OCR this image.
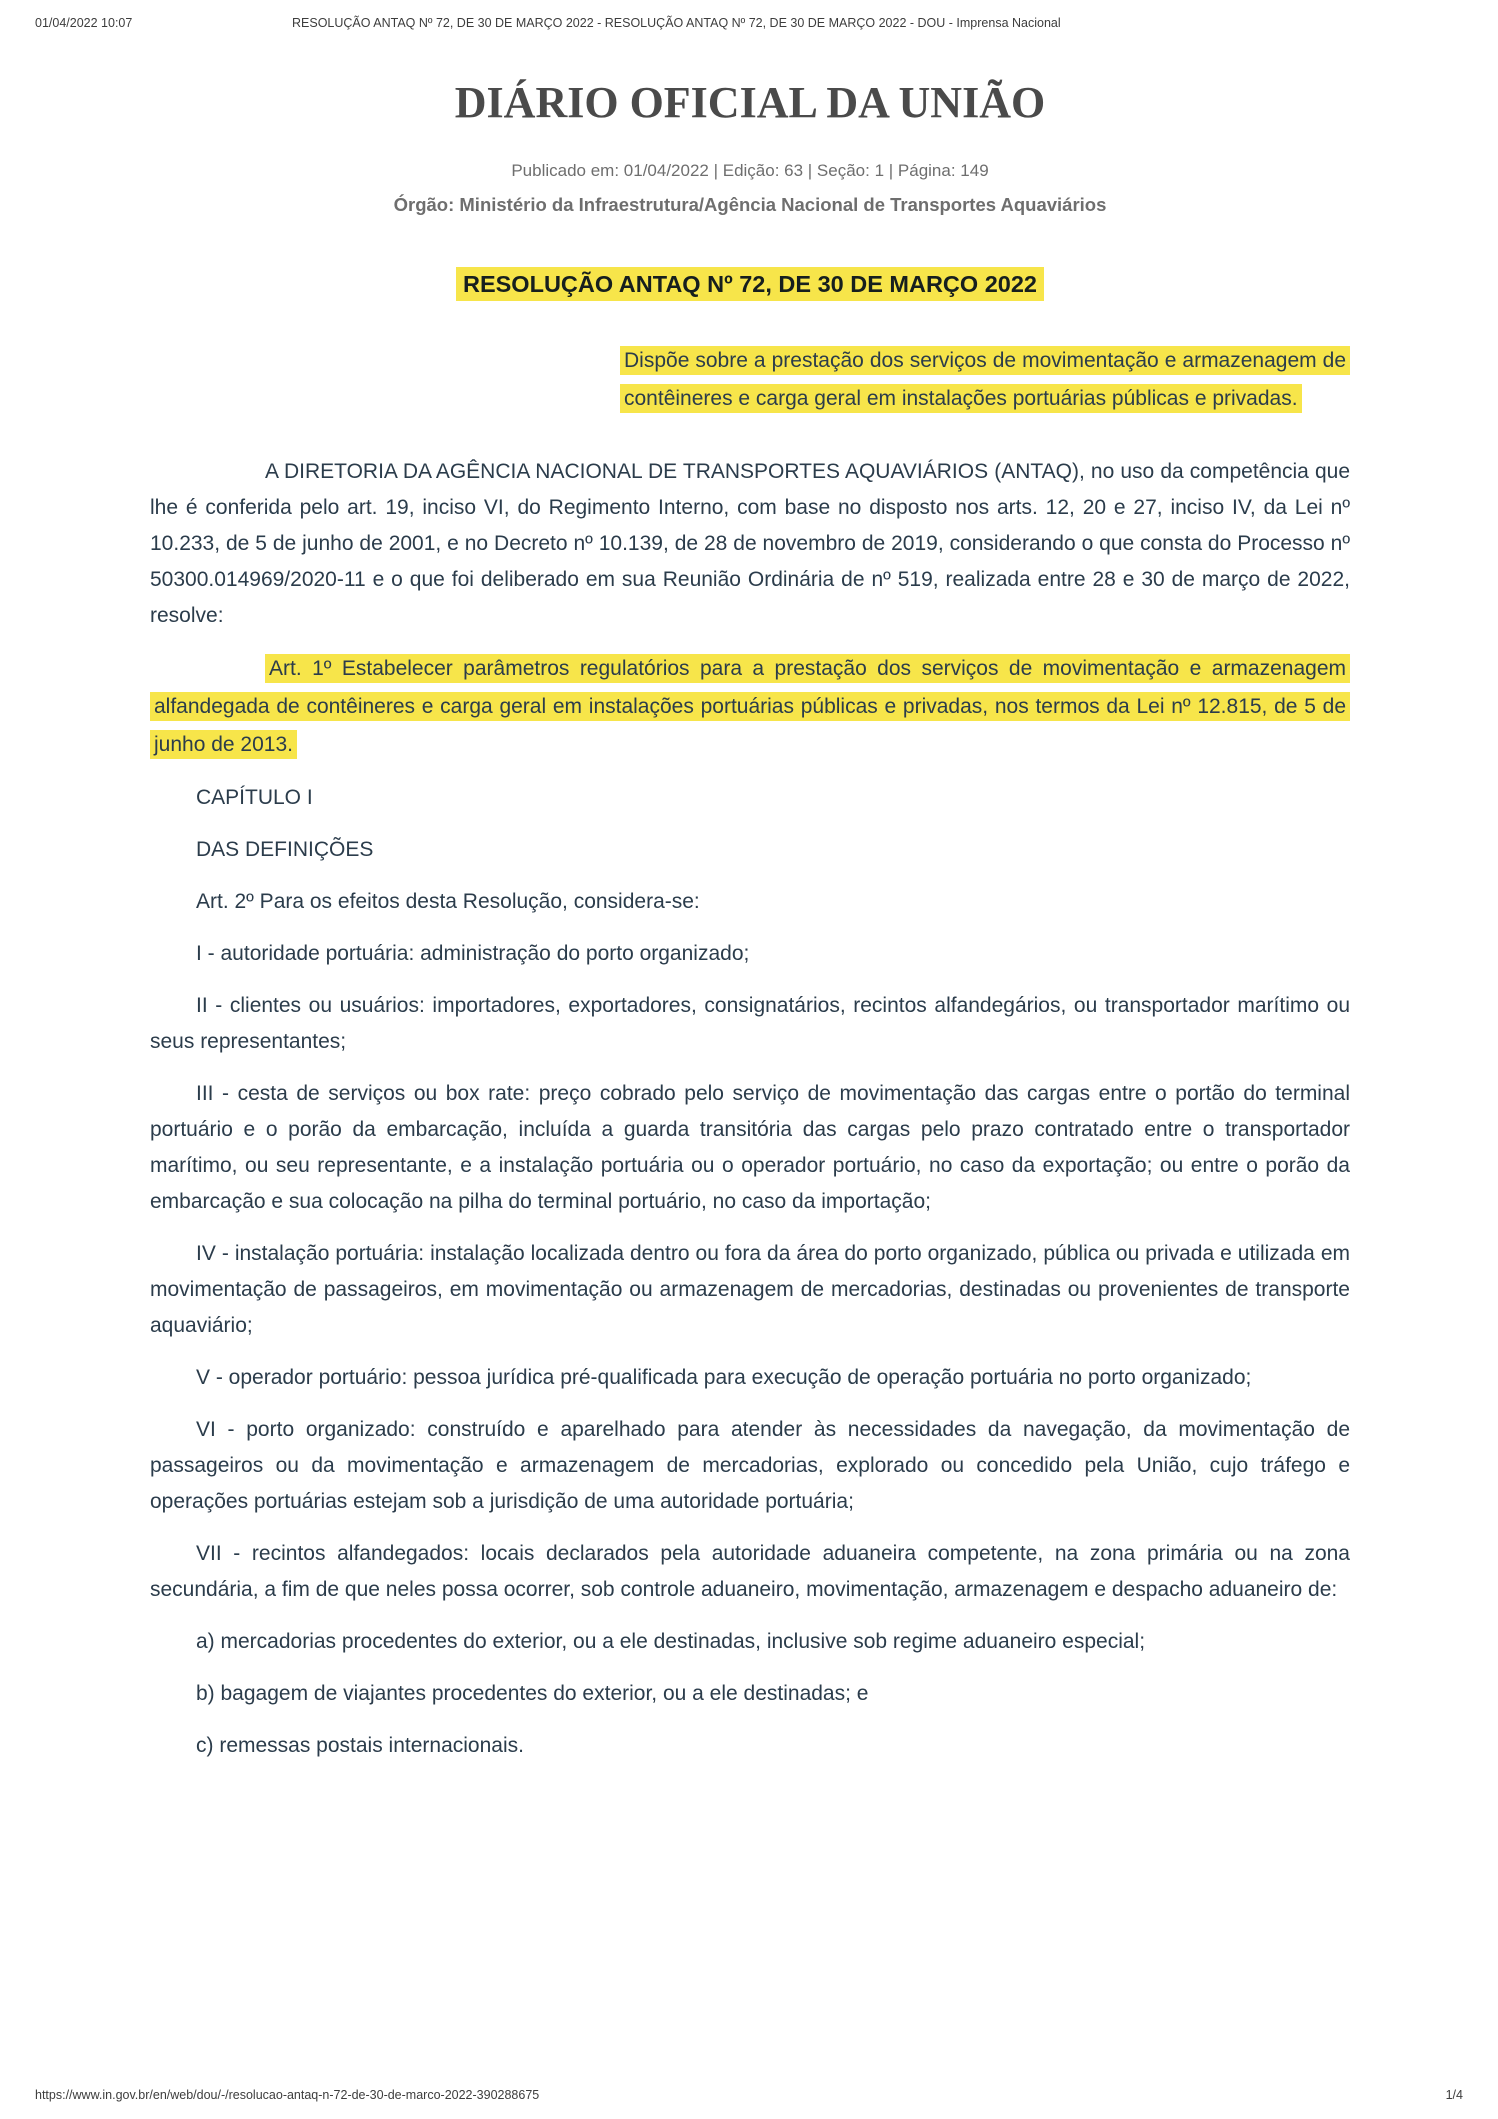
01/04/2022 10:07	RESOLUÇÃO ANTAQ Nº 72, DE 30 DE MARÇO 2022 - RESOLUÇÃO ANTAQ Nº 72, DE 30 DE MARÇO 2022 - DOU - Imprensa Nacional
DIÁRIO OFICIAL DA UNIÃO

Publicado em: 01/04/2022 | Edição: 63 | Seção: 1 | Página: 149

Órgão: Ministério da Infraestrutura/Agência Nacional de Transportes Aquaviários

RESOLUÇÃO ANTAQ Nº 72, DE 30 DE MARÇO 2022

Dispõe sobre a prestação dos serviços de movimentação e armazenagem de contêineres e carga geral em instalações portuárias públicas e privadas.

A DIRETORIA DA AGÊNCIA NACIONAL DE TRANSPORTES AQUAVIÁRIOS (ANTAQ), no uso da competência que lhe é conferida pelo art. 19, inciso VI, do Regimento Interno, com base no disposto nos arts. 12, 20 e 27, inciso IV, da Lei nº 10.233, de 5 de junho de 2001, e no Decreto nº 10.139, de 28 de novembro de 2019, considerando o que consta do Processo nº 50300.014969/2020-11 e o que foi deliberado em sua Reunião Ordinária de nº 519, realizada entre 28 e 30 de março de 2022, resolve:

Art. 1º Estabelecer parâmetros regulatórios para a prestação dos serviços de movimentação e armazenagem alfandegada de contêineres e carga geral em instalações portuárias públicas e privadas, nos termos da Lei nº 12.815, de 5 de junho de 2013.

CAPÍTULO I

DAS DEFINIÇÕES

Art. 2º Para os efeitos desta Resolução, considera-se:

I - autoridade portuária: administração do porto organizado;

II - clientes ou usuários: importadores, exportadores, consignatários, recintos alfandegários, ou transportador marítimo ou seus representantes;

III - cesta de serviços ou box rate: preço cobrado pelo serviço de movimentação das cargas entre o portão do terminal portuário e o porão da embarcação, incluída a guarda transitória das cargas pelo prazo contratado entre o transportador marítimo, ou seu representante, e a instalação portuária ou o operador portuário, no caso da exportação; ou entre o porão da embarcação e sua colocação na pilha do terminal portuário, no caso da importação;

IV - instalação portuária: instalação localizada dentro ou fora da área do porto organizado, pública ou privada e utilizada em movimentação de passageiros, em movimentação ou armazenagem de mercadorias, destinadas ou provenientes de transporte aquaviário;

V - operador portuário: pessoa jurídica pré-qualificada para execução de operação portuária no porto organizado;

VI - porto organizado: construído e aparelhado para atender às necessidades da navegação, da movimentação de passageiros ou da movimentação e armazenagem de mercadorias, explorado ou concedido pela União, cujo tráfego e operações portuárias estejam sob a jurisdição de uma autoridade portuária;

VII - recintos alfandegados: locais declarados pela autoridade aduaneira competente, na zona primária ou na zona secundária, a fim de que neles possa ocorrer, sob controle aduaneiro, movimentação, armazenagem e despacho aduaneiro de:

a) mercadorias procedentes do exterior, ou a ele destinadas, inclusive sob regime aduaneiro especial;

b) bagagem de viajantes procedentes do exterior, ou a ele destinadas; e

c) remessas postais internacionais.

https://www.in.gov.br/en/web/dou/-/resolucao-antaq-n-72-de-30-de-marco-2022-390288675	1/4
